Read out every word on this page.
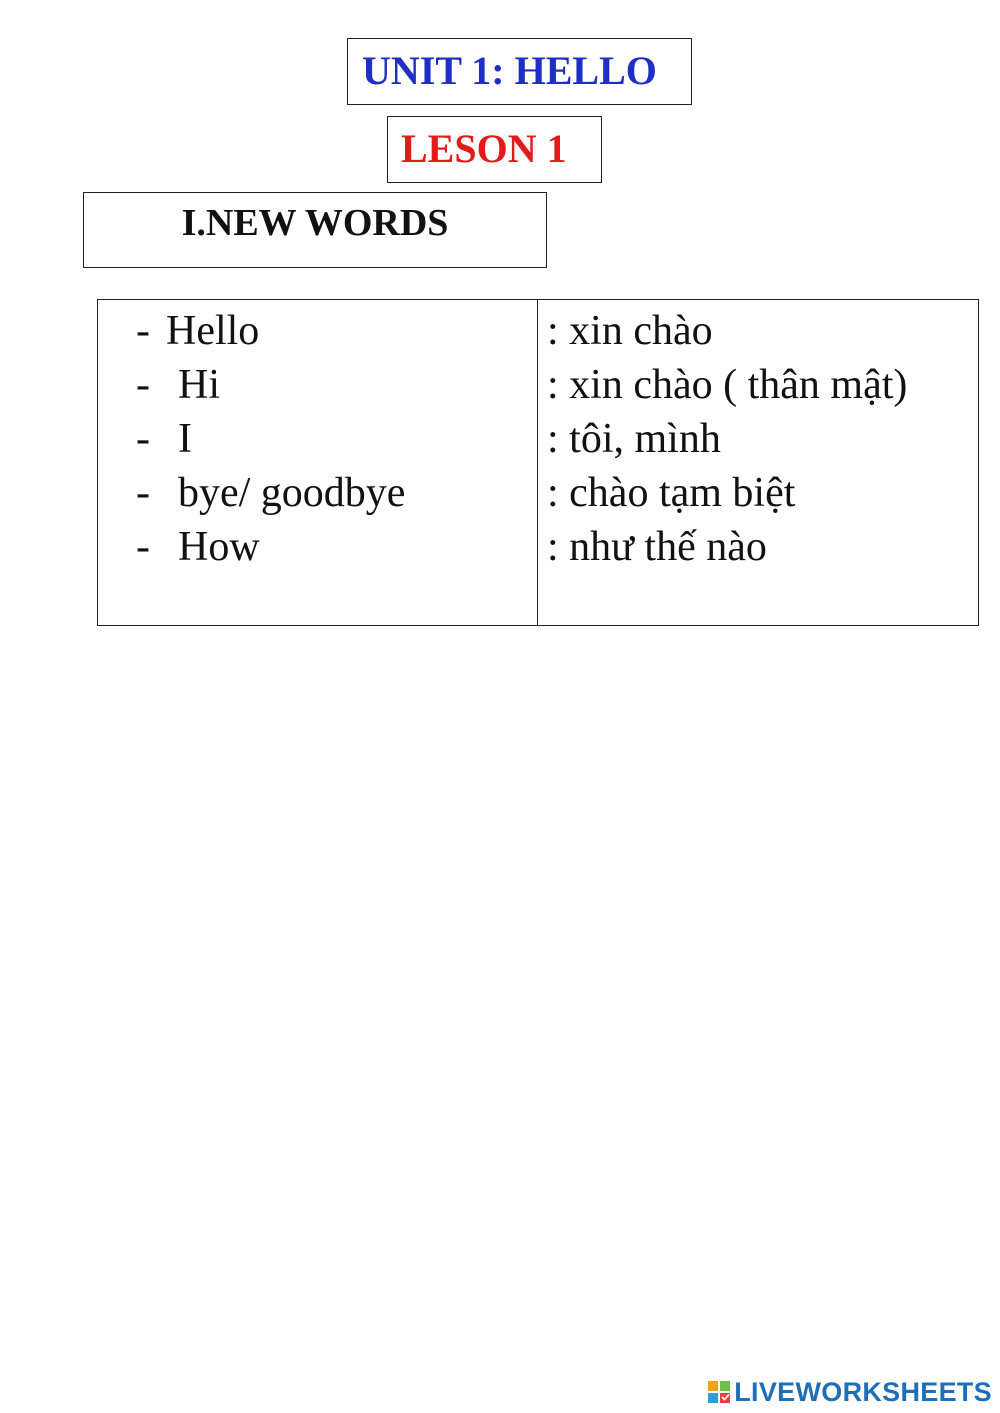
UNIT 1: HELLO
LESON 1
I.NEW WORDS
- Hello
- Hi
- I
- bye/ goodbye
- How
: xin chào
: xin chào ( thân mật)
: tôi, mình
: chào tạm biệt
: như thế nào
LIVEWORKSHEETS
